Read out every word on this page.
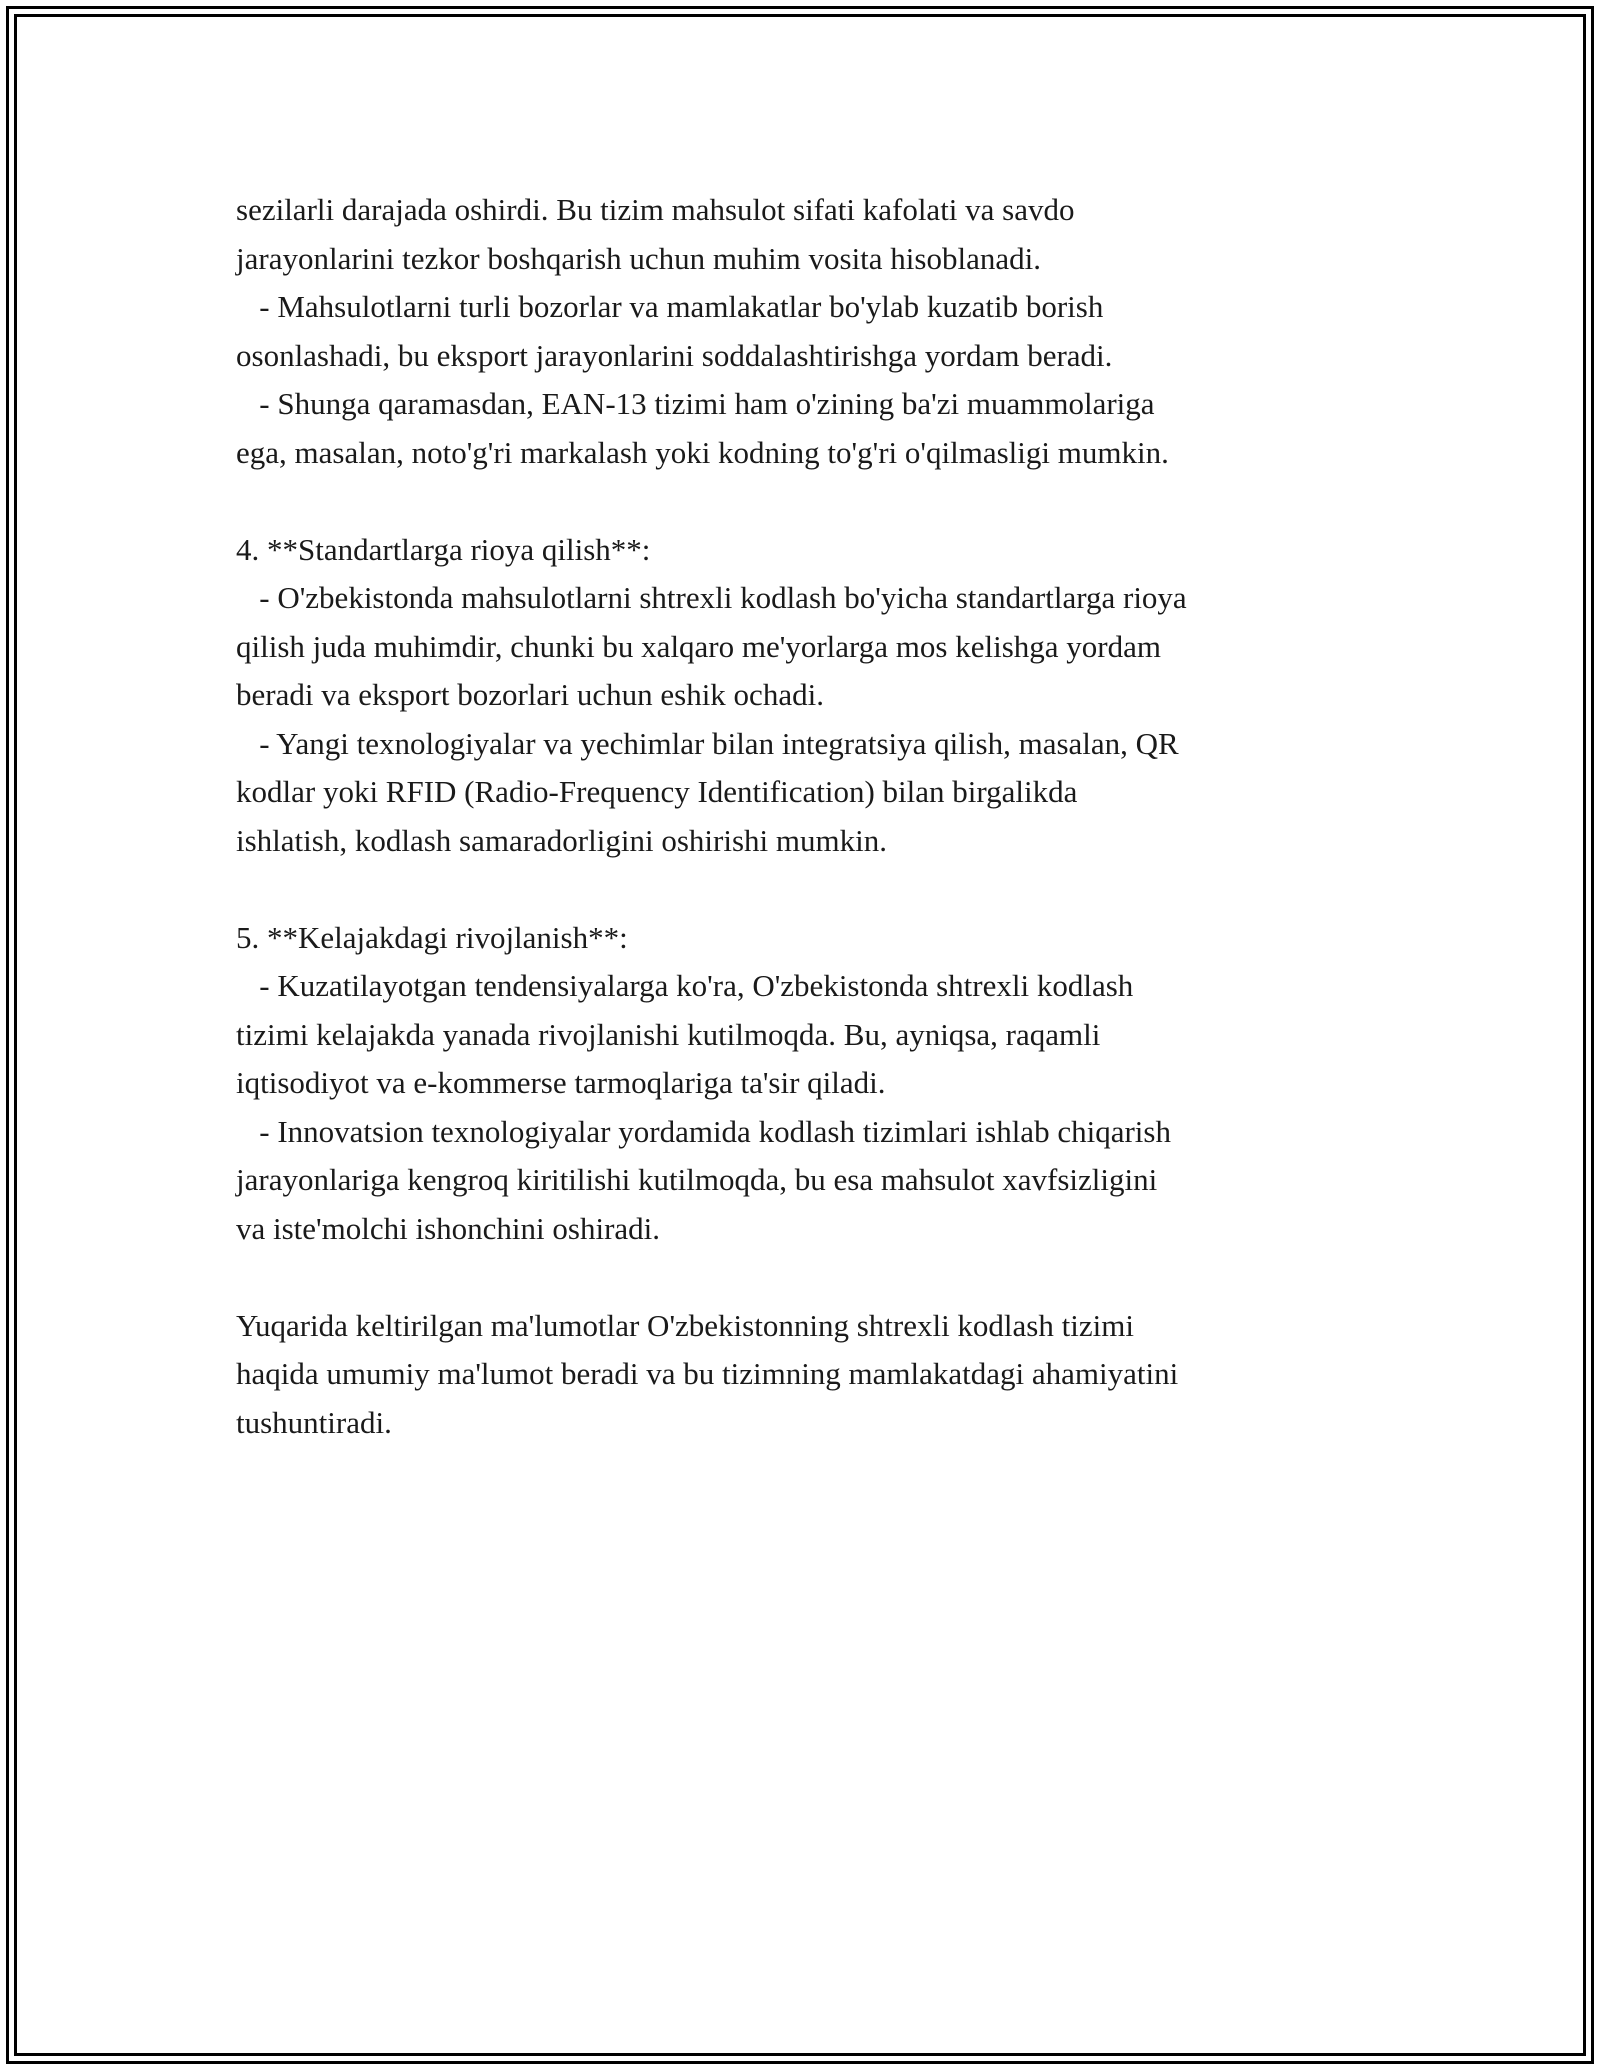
sezilarli darajada oshirdi. Bu tizim mahsulot sifati kafolati va savdo
jarayonlarini tezkor boshqarish uchun muhim vosita hisoblanadi.
- Mahsulotlarni turli bozorlar va mamlakatlar bo'ylab kuzatib borish
osonlashadi, bu eksport jarayonlarini soddalashtirishga yordam beradi.
- Shunga qaramasdan, EAN-13 tizimi ham o'zining ba'zi muammolariga
ega, masalan, noto'g'ri markalash yoki kodning to'g'ri o'qilmasligi mumkin.
4. **Standartlarga rioya qilish**:
- O'zbekistonda mahsulotlarni shtrexli kodlash bo'yicha standartlarga rioya
qilish juda muhimdir, chunki bu xalqaro me'yorlarga mos kelishga yordam
beradi va eksport bozorlari uchun eshik ochadi.
- Yangi texnologiyalar va yechimlar bilan integratsiya qilish, masalan, QR
kodlar yoki RFID (Radio-Frequency Identification) bilan birgalikda
ishlatish, kodlash samaradorligini oshirishi mumkin.
5. **Kelajakdagi rivojlanish**:
- Kuzatilayotgan tendensiyalarga ko'ra, O'zbekistonda shtrexli kodlash
tizimi kelajakda yanada rivojlanishi kutilmoqda. Bu, ayniqsa, raqamli
iqtisodiyot va e-kommerse tarmoqlariga ta'sir qiladi.
- Innovatsion texnologiyalar yordamida kodlash tizimlari ishlab chiqarish
jarayonlariga kengroq kiritilishi kutilmoqda, bu esa mahsulot xavfsizligini
va iste'molchi ishonchini oshiradi.
Yuqarida keltirilgan ma'lumotlar O'zbekistonning shtrexli kodlash tizimi
haqida umumiy ma'lumot beradi va bu tizimning mamlakatdagi ahamiyatini
tushuntiradi.
